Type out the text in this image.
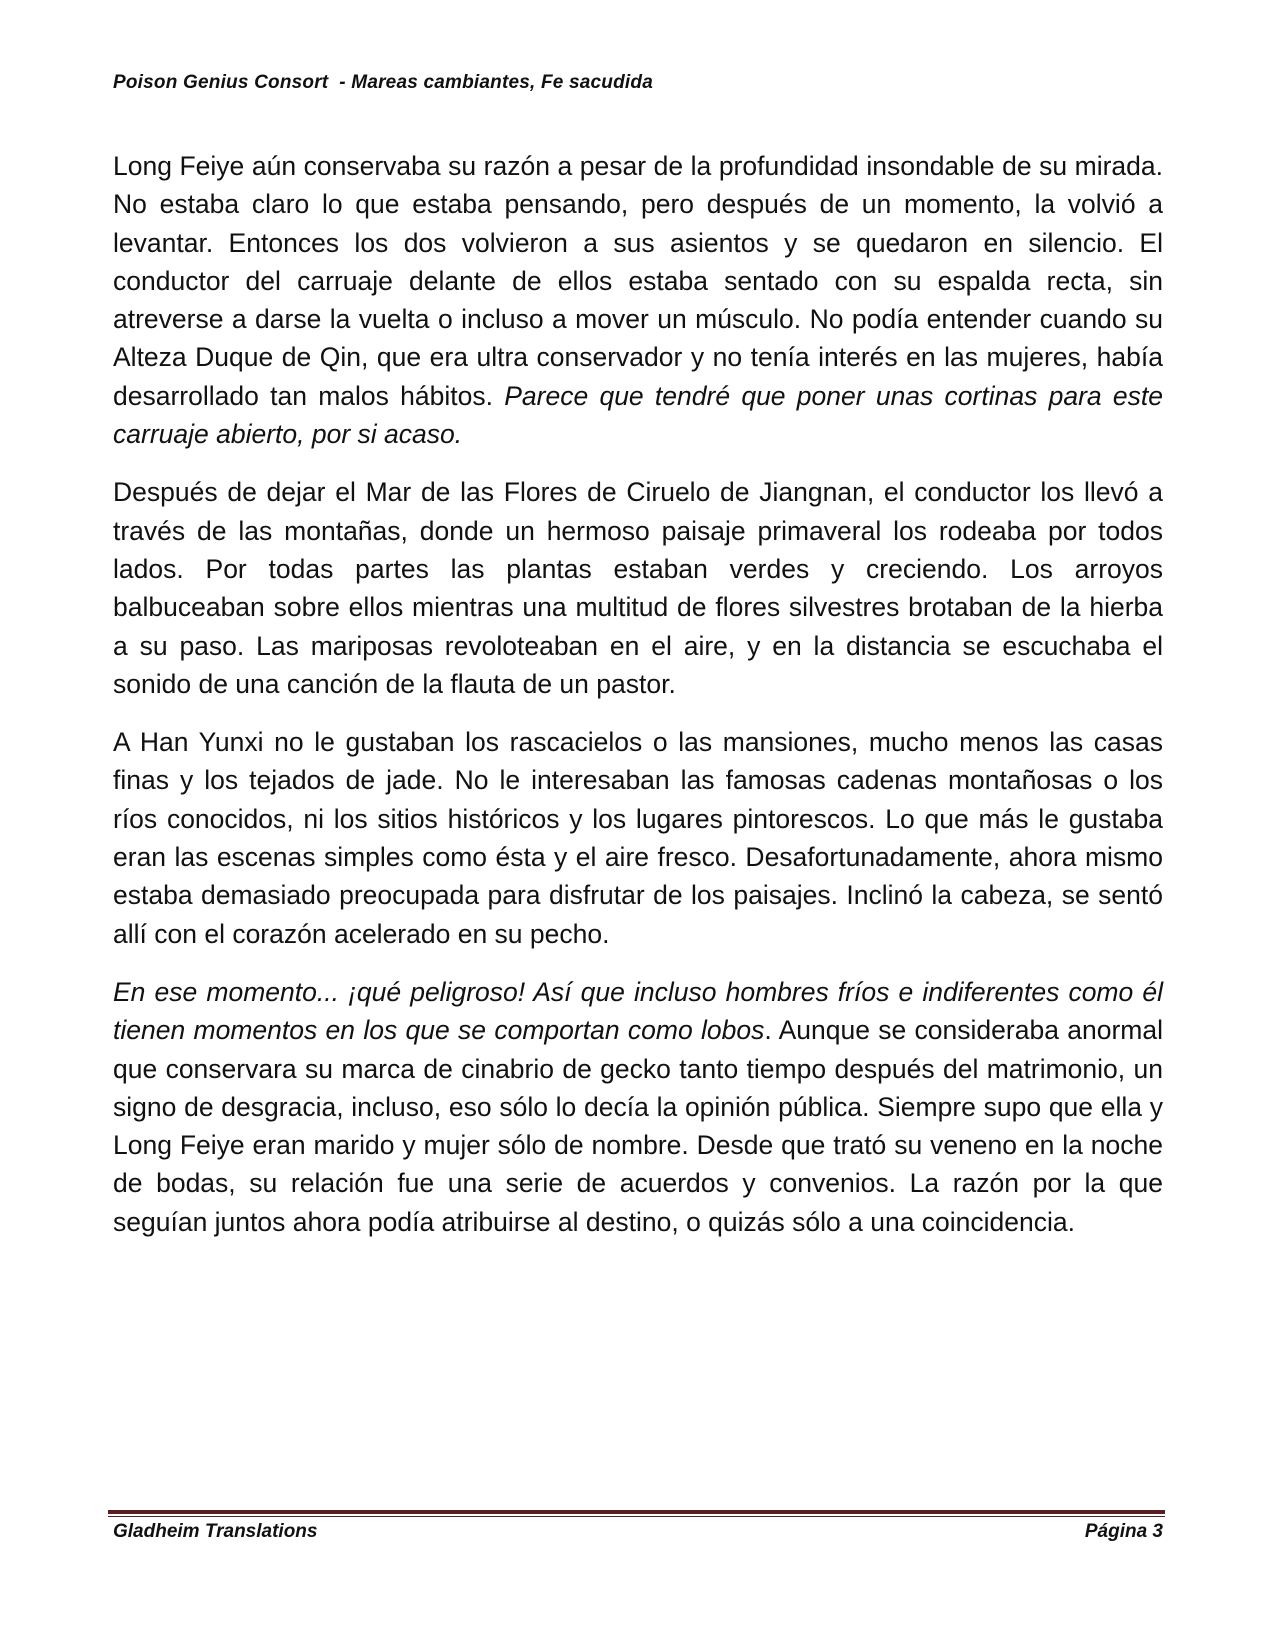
Poison Genius Consort  - Mareas cambiantes, Fe sacudida

Long Feiye aún conservaba su razón a pesar de la profundidad insondable de su mirada. No estaba claro lo que estaba pensando, pero después de un momento, la volvió a levantar. Entonces los dos volvieron a sus asientos y se quedaron en silencio. El conductor del carruaje delante de ellos estaba sentado con su espalda recta, sin atreverse a darse la vuelta o incluso a mover un músculo. No podía entender cuando su Alteza Duque de Qin, que era ultra conservador y no tenía interés en las mujeres, había desarrollado tan malos hábitos. Parece que tendré que poner unas cortinas para este carruaje abierto, por si acaso.

Después de dejar el Mar de las Flores de Ciruelo de Jiangnan, el conductor los llevó a través de las montañas, donde un hermoso paisaje primaveral los rodeaba por todos lados. Por todas partes las plantas estaban verdes y creciendo. Los arroyos balbuceaban sobre ellos mientras una multitud de flores silvestres brotaban de la hierba a su paso. Las mariposas revoloteaban en el aire, y en la distancia se escuchaba el sonido de una canción de la flauta de un pastor.

A Han Yunxi no le gustaban los rascacielos o las mansiones, mucho menos las casas finas y los tejados de jade. No le interesaban las famosas cadenas montañosas o los ríos conocidos, ni los sitios históricos y los lugares pintorescos. Lo que más le gustaba eran las escenas simples como ésta y el aire fresco. Desafortunadamente, ahora mismo estaba demasiado preocupada para disfrutar de los paisajes. Inclinó la cabeza, se sentó allí con el corazón acelerado en su pecho.

En ese momento... ¡qué peligroso! Así que incluso hombres fríos e indiferentes como él tienen momentos en los que se comportan como lobos. Aunque se consideraba anormal que conservara su marca de cinabrio de gecko tanto tiempo después del matrimonio, un signo de desgracia, incluso, eso sólo lo decía la opinión pública. Siempre supo que ella y Long Feiye eran marido y mujer sólo de nombre. Desde que trató su veneno en la noche de bodas, su relación fue una serie de acuerdos y convenios. La razón por la que seguían juntos ahora podía atribuirse al destino, o quizás sólo a una coincidencia.

Gladheim Translations	Página 3
